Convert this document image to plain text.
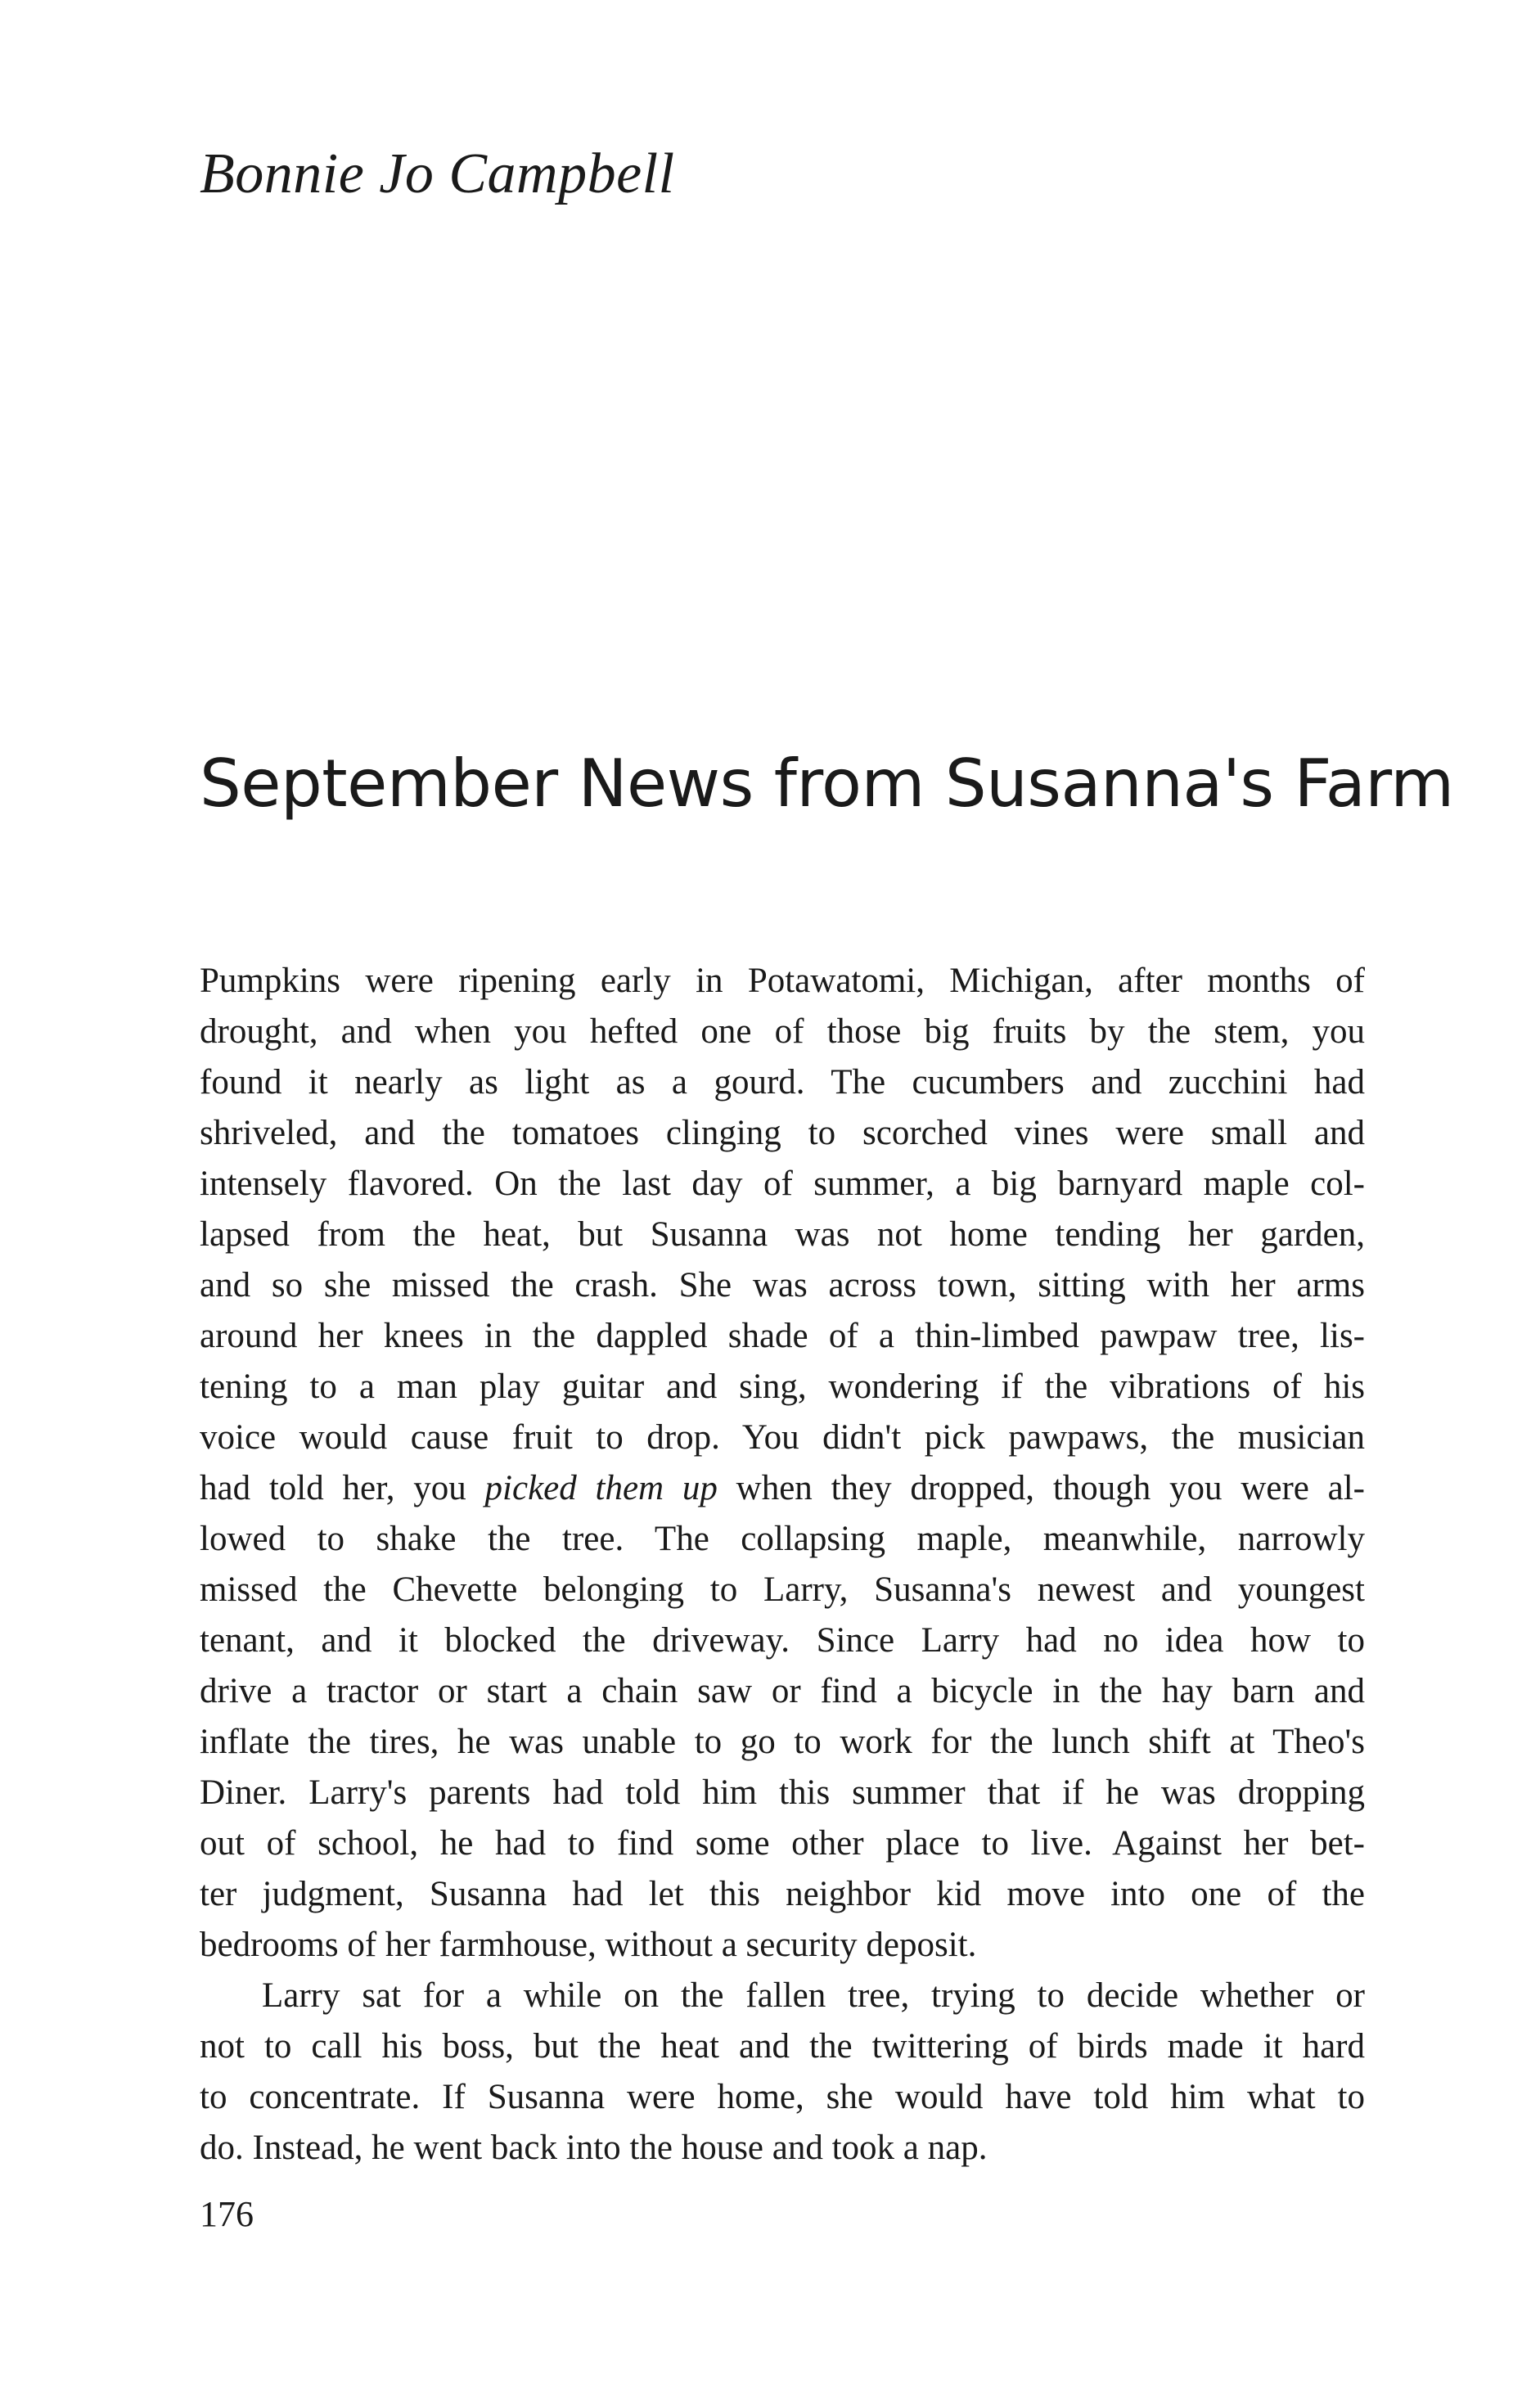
Bonnie Jo Campbell
September News from Susanna's Farm
Pumpkins were ripening early in Potawatomi, Michigan, after months of
drought, and when you hefted one of those big fruits by the stem, you
found it nearly as light as a gourd. The cucumbers and zucchini had
shriveled, and the tomatoes clinging to scorched vines were small and
intensely flavored. On the last day of summer, a big barnyard maple col-
lapsed from the heat, but Susanna was not home tending her garden,
and so she missed the crash. She was across town, sitting with her arms
around her knees in the dappled shade of a thin-limbed pawpaw tree, lis-
tening to a man play guitar and sing, wondering if the vibrations of his
voice would cause fruit to drop. You didn't pick pawpaws, the musician
had told her, you picked them up when they dropped, though you were al-
lowed to shake the tree. The collapsing maple, meanwhile, narrowly
missed the Chevette belonging to Larry, Susanna's newest and youngest
tenant, and it blocked the driveway. Since Larry had no idea how to
drive a tractor or start a chain saw or find a bicycle in the hay barn and
inflate the tires, he was unable to go to work for the lunch shift at Theo's
Diner. Larry's parents had told him this summer that if he was dropping
out of school, he had to find some other place to live. Against her bet-
ter judgment, Susanna had let this neighbor kid move into one of the
bedrooms of her farmhouse, without a security deposit.
Larry sat for a while on the fallen tree, trying to decide whether or
not to call his boss, but the heat and the twittering of birds made it hard
to concentrate. If Susanna were home, she would have told him what to
do. Instead, he went back into the house and took a nap.
176
